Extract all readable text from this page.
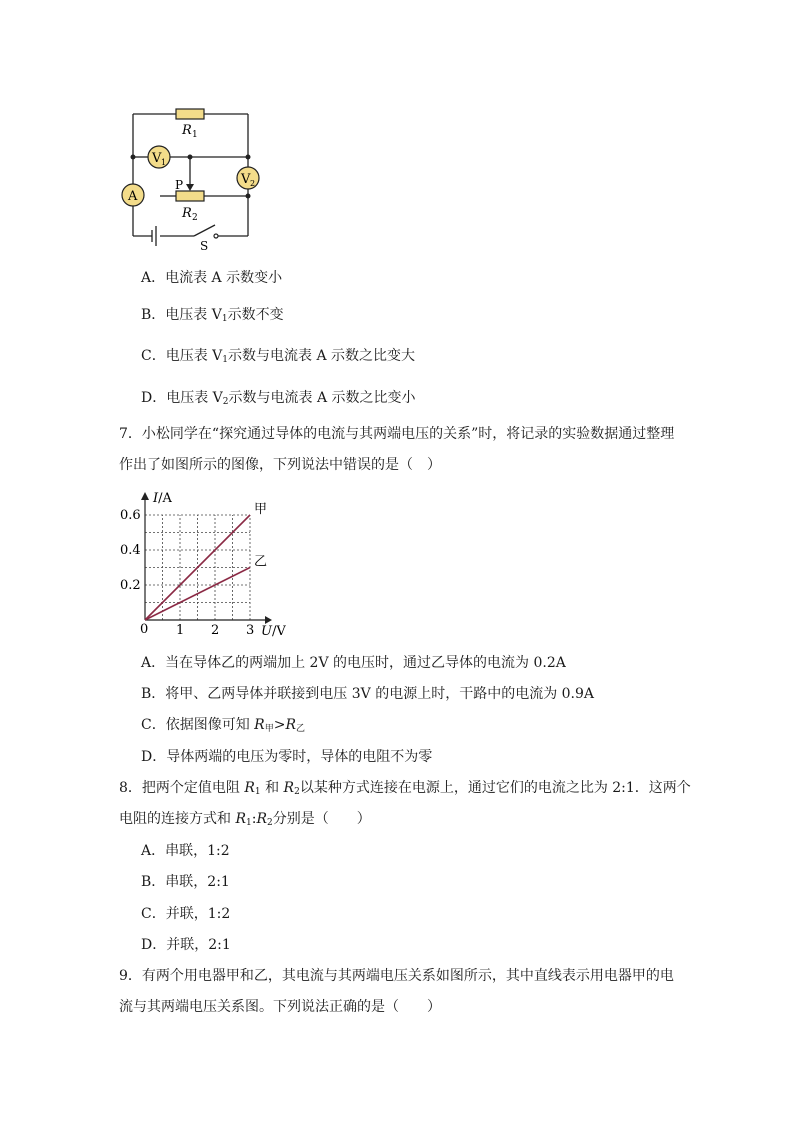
R 1
R 2
V 1
V 2
A
P
S
A．电流表 A 示数变小
B．电压表 $V_1$示数不变
C．电压表 $V_1$示数与电流表 A 示数之比变大
D．电压表 $V_2$示数与电流表 A 示数之比变小
7．小松同学在“探究通过导体的电流与其两端电压的关系”时，将记录的实验数据通过整理
作出了如图所示的图像，下列说法中错误的是（　）
1 2 3
0.2
0.4
0.6	甲
乙
I/A
U/V
0
A．当在导体乙的两端加上 2V 的电压时，通过乙导体的电流为 0.2A
B．将甲、乙两导体并联接到电压 3V 的电源上时，干路中的电流为 0.9A
C．依据图像可知 $R_甲>R_乙$
D．导体两端的电压为零时，导体的电阻不为零
8．把两个定值电阻 $R_1$ 和 $R_2$以某种方式连接在电源上，通过它们的电流之比为 2:1．这两个
电阻的连接方式和 $R_1:R_2$分别是（　　）
A．串联，1:2
B．串联，2:1
C．并联，1:2
D．并联，2:1
9．有两个用电器甲和乙，其电流与其两端电压关系如图所示，其中直线表示用电器甲的电
流与其两端电压关系图。下列说法正确的是（　　）
